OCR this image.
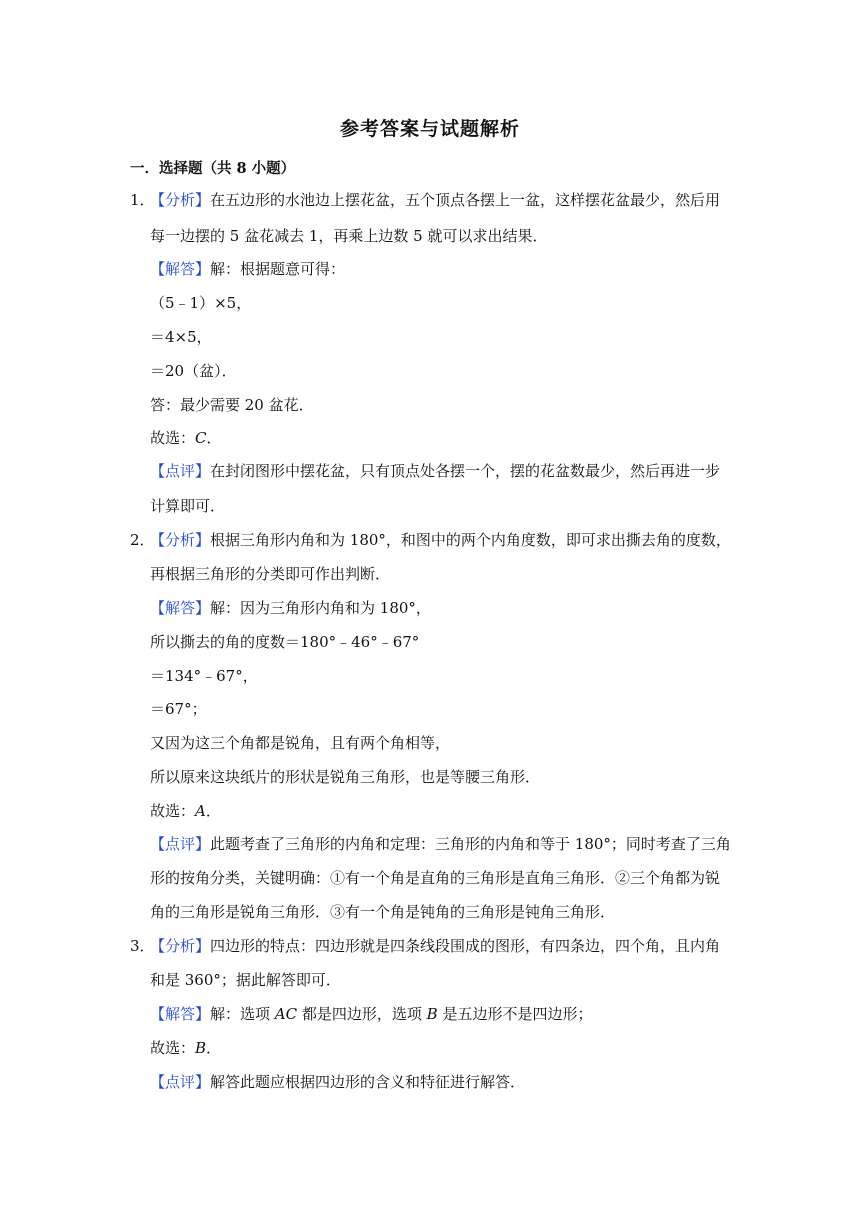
参考答案与试题解析
一．选择题（共 8 小题）
1．
【分析】在五边形的水池边上摆花盆，五个顶点各摆上一盆，这样摆花盆最少，然后用
每一边摆的 5 盆花减去 1，再乘上边数 5 就可以求出结果．
【解答】解：根据题意可得：
（5﹣1）×5，
＝4×5，
＝20（盆）．
答：最少需要 20 盆花．
故选：C．
【点评】在封闭图形中摆花盆，只有顶点处各摆一个，摆的花盆数最少，然后再进一步
计算即可．
2．
【分析】根据三角形内角和为 180°，和图中的两个内角度数，即可求出撕去角的度数，
再根据三角形的分类即可作出判断．
【解答】解：因为三角形内角和为 180°，
所以撕去的角的度数＝180°﹣46°﹣67°
＝134°﹣67°，
＝67°；
又因为这三个角都是锐角，且有两个角相等，
所以原来这块纸片的形状是锐角三角形，也是等腰三角形．
故选：A．
【点评】此题考查了三角形的内角和定理：三角形的内角和等于 180°；同时考查了三角
形的按角分类，关键明确：①有一个角是直角的三角形是直角三角形．②三个角都为锐
角的三角形是锐角三角形．③有一个角是钝角的三角形是钝角三角形．
3．
【分析】四边形的特点：四边形就是四条线段围成的图形，有四条边，四个角，且内角
和是 360°；据此解答即可．
【解答】解：选项 AC 都是四边形，选项 B 是五边形不是四边形；
故选：B．
【点评】解答此题应根据四边形的含义和特征进行解答．
